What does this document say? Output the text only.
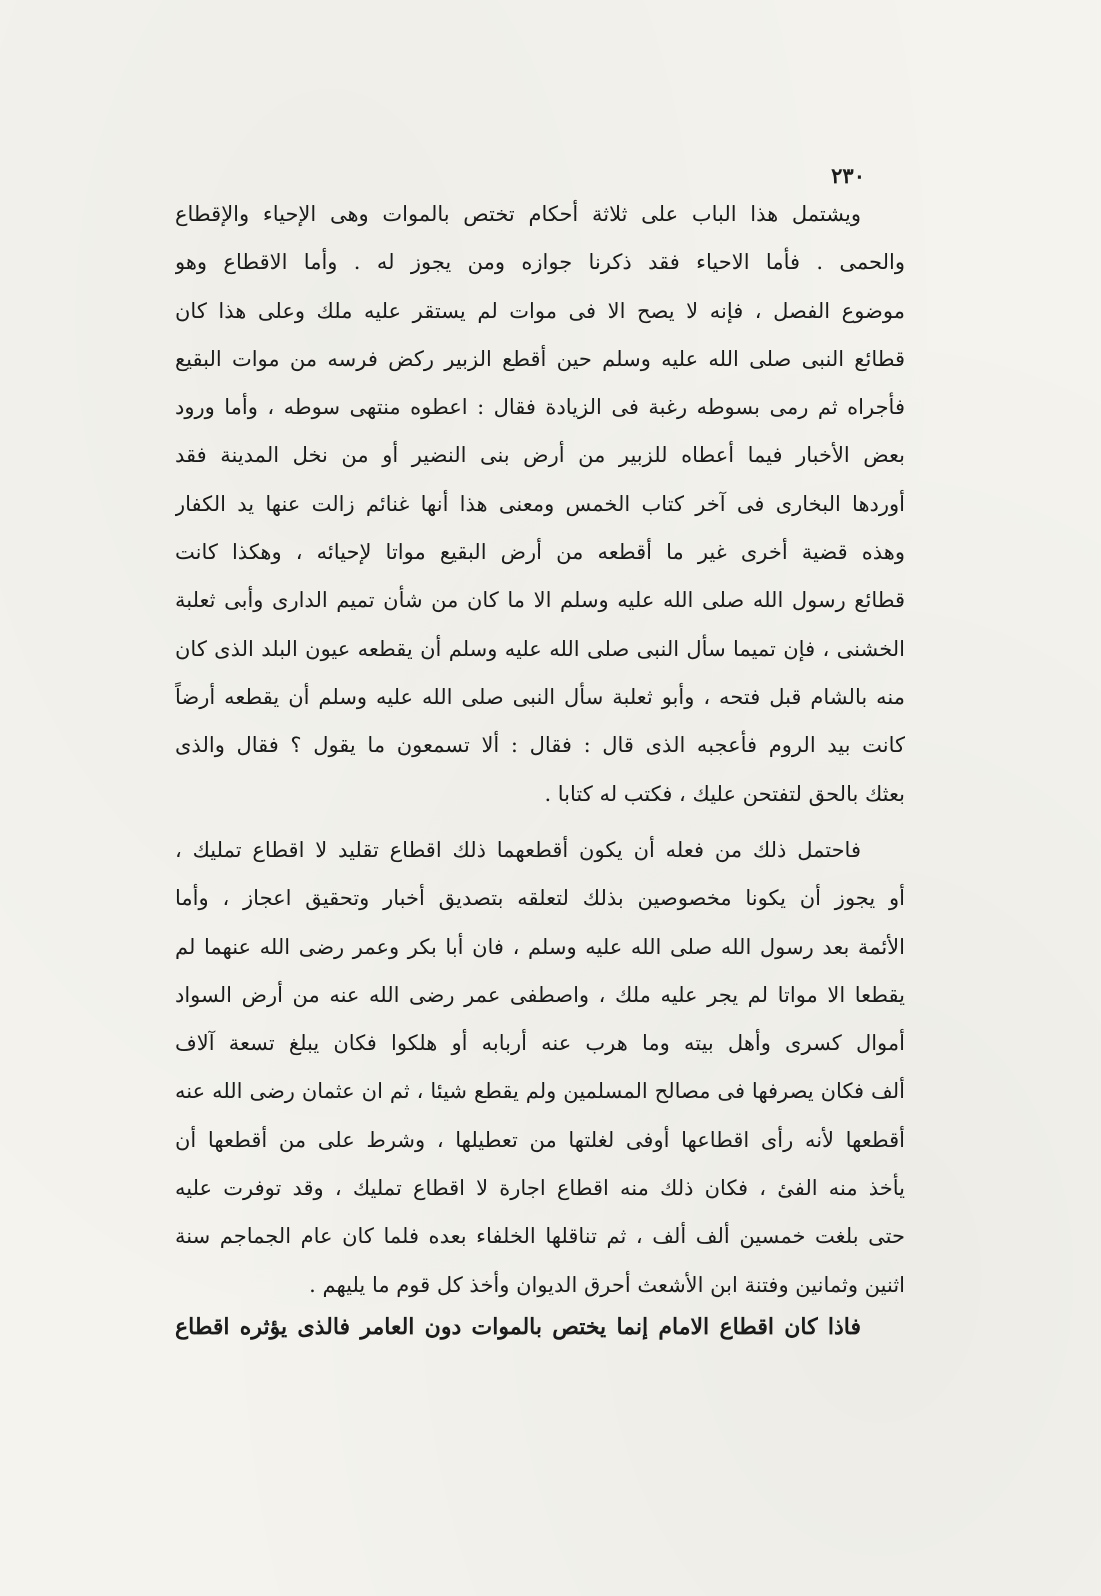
٢٣٠
ويشتمل هذا الباب على ثلاثة أحكام تختص بالموات وهى الإحياء والإقطاع
والحمى . فأما الاحياء فقد ذكرنا جوازه ومن يجوز له . وأما الاقطاع وهو
موضوع الفصل ، فإنه لا يصح الا فى موات لم يستقر عليه ملك وعلى هذا كان
قطائع النبى صلى الله عليه وسلم حين أقطع الزبير ركض فرسه من موات البقيع
فأجراه ثم رمى بسوطه رغبة فى الزيادة فقال : اعطوه منتهى سوطه ، وأما ورود
بعض الأخبار فيما أعطاه للزبير من أرض بنى النضير أو من نخل المدينة فقد
أوردها البخارى فى آخر كتاب الخمس ومعنى هذا أنها غنائم زالت عنها يد الكفار
وهذه قضية أخرى غير ما أقطعه من أرض البقيع مواتا لإحيائه ، وهكذا كانت
قطائع رسول الله صلى الله عليه وسلم الا ما كان من شأن تميم الدارى وأبى ثعلبة
الخشنى ، فإن تميما سأل النبى صلى الله عليه وسلم أن يقطعه عيون البلد الذى كان
منه بالشام قبل فتحه ، وأبو ثعلبة سأل النبى صلى الله عليه وسلم أن يقطعه أرضاً
كانت بيد الروم فأعجبه الذى قال : فقال : ألا تسمعون ما يقول ؟ فقال والذى
بعثك بالحق لتفتحن عليك ، فكتب له كتابا .
فاحتمل ذلك من فعله أن يكون أقطعهما ذلك اقطاع تقليد لا اقطاع تمليك ،
أو يجوز أن يكونا مخصوصين بذلك لتعلقه بتصديق أخبار وتحقيق اعجاز ، وأما
الأئمة بعد رسول الله صلى الله عليه وسلم ، فان أبا بكر وعمر رضى الله عنهما لم
يقطعا الا مواتا لم يجر عليه ملك ، واصطفى عمر رضى الله عنه من أرض السواد
أموال كسرى وأهل بيته وما هرب عنه أربابه أو هلكوا فكان يبلغ تسعة آلاف
ألف فكان يصرفها فى مصالح المسلمين ولم يقطع شيئا ، ثم ان عثمان رضى الله عنه
أقطعها لأنه رأى اقطاعها أوفى لغلتها من تعطيلها ، وشرط على من أقطعها أن
يأخذ منه الفئ ، فكان ذلك منه اقطاع اجارة لا اقطاع تمليك ، وقد توفرت عليه
حتى بلغت خمسين ألف ألف ، ثم تناقلها الخلفاء بعده فلما كان عام الجماجم سنة
اثنين وثمانين وفتنة ابن الأشعث أحرق الديوان وأخذ كل قوم ما يليهم .
فاذا كان اقطاع الامام إنما يختص بالموات دون العامر فالذى يؤثره اقطاع
